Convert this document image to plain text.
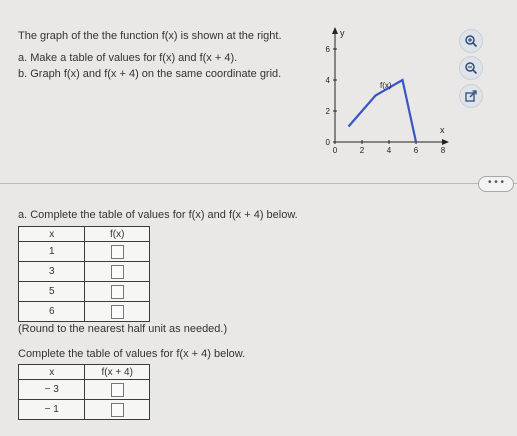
The graph of the the function f(x) is shown at the right.
a. Make a table of values for f(x) and f(x + 4).
b. Graph f(x) and f(x + 4) on the same coordinate grid.
y
x
0	2	4	6	8
0
2
4
6
f(x)
• • •
a. Complete the table of values for f(x) and f(x + 4) below.
x	f(x)
1	
3	
5	
6	
(Round to the nearest half unit as needed.)
Complete the table of values for f(x + 4) below.
x	f(x + 4)
− 3	
− 1	
